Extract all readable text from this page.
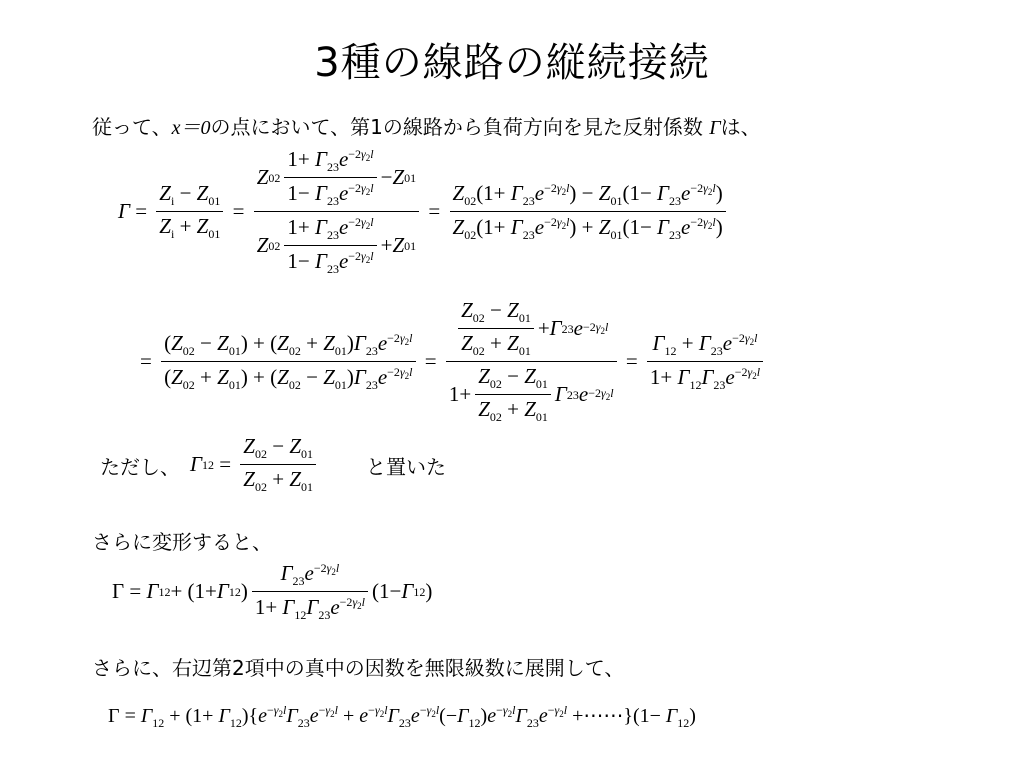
3種の線路の縦続接続
従って、x＝0の点において、第1の線路から負荷方向を見た反射係数 Γは、
$\Gamma = \frac{Z_i - Z_{01}}{Z_i + Z_{01}} = \frac{Z 02 \frac{1+ \Gamma_{23}e^{-2\gamma_2l}}{1- \Gamma_{23}e^{-2\gamma_2l}} - Z 01}{Z 02 \frac{1+ \Gamma_{23}e^{-2\gamma_2l}}{1- \Gamma_{23}e^{-2\gamma_2l}} + Z 01} = \frac{Z_{02}(1+ \Gamma_{23}e^{-2\gamma_2l}) - Z_{01}(1- \Gamma_{23}e^{-2\gamma_2l})}{Z_{02}(1+ \Gamma_{23}e^{-2\gamma_2l}) + Z_{01}(1- \Gamma_{23}e^{-2\gamma_2l})}$
= $\frac{(Z_{02} - Z_{01}) + (Z_{02} + Z_{01})\Gamma_{23}e^{-2\gamma_2l}}{(Z_{02} + Z_{01}) + (Z_{02} - Z_{01})\Gamma_{23}e^{-2\gamma_2l}} = \frac{\frac{Z_{02} - Z_{01}}{Z_{02} + Z_{01}} + \Gamma 23 e -2\gamma_2l}{1+ \frac{Z_{02} - Z_{01}}{Z_{02} + Z_{01}} \Gamma 23 e -2\gamma_2l} = \frac{\Gamma_{12} + \Gamma_{23}e^{-2\gamma_2l}}{1+ \Gamma_{12}\Gamma_{23}e^{-2\gamma_2l}}$
ただし、 Γ $12 = \frac{Z_{02} - Z_{01}}{Z_{02} + Z_{01}}$ と置いた
さらに変形すると、
Γ = Γ 12 + (1+ Γ 12 ) $\frac{\Gamma_{23}e^{-2\gamma_2l}}{1+ \Gamma_{12}\Gamma_{23}e^{-2\gamma_2l}} (1- \Gamma$ 12 )
さらに、右辺第2項中の真中の因数を無限級数に展開して、
$\Gamma = \Gamma_{12} + (1+ \Gamma_{12})\{e^{-\gamma_2l}\Gamma_{23}e^{-\gamma_2l} + e^{-\gamma_2l}\Gamma_{23}e^{-\gamma_2l}(-\Gamma_{12})e^{-\gamma_2l}\Gamma_{23}e^{-\gamma_2l}$ +⋯⋯}(1− $\Gamma_{12}$)
